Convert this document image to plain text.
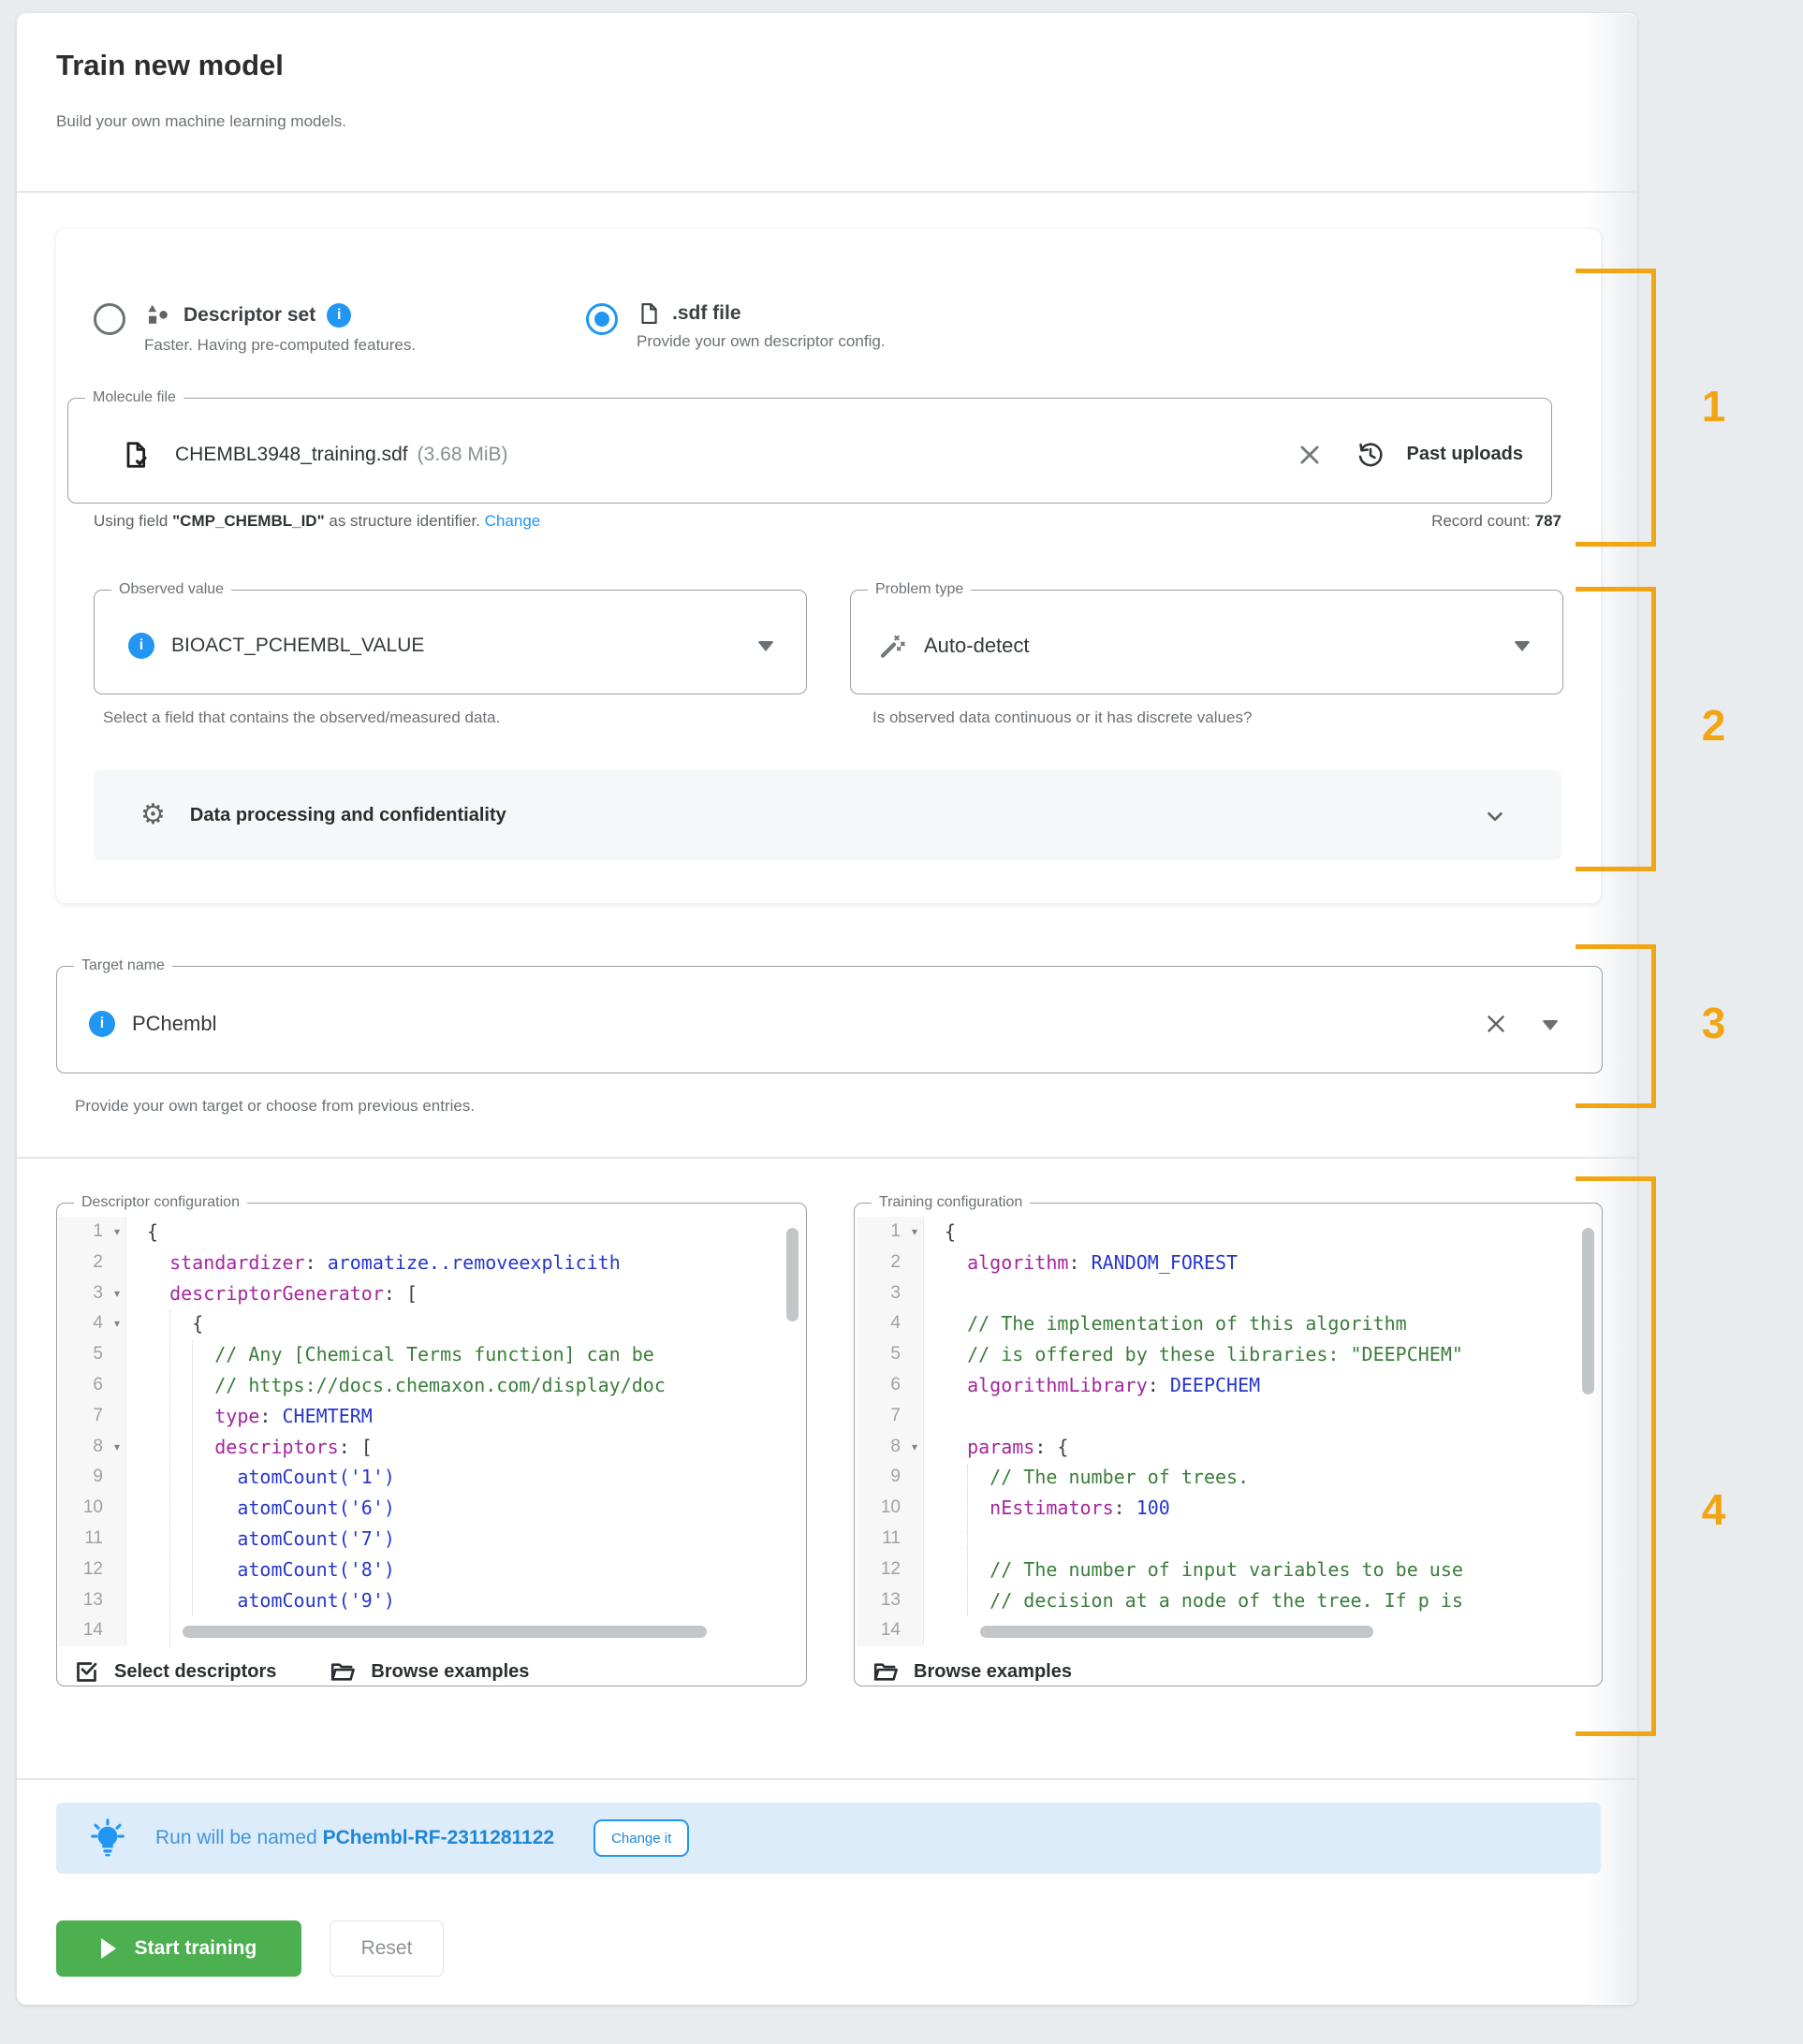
Train new model
Build your own machine learning models.
Descriptor set	i
Faster. Having pre-computed features.
.sdf file
Provide your own descriptor config.
Molecule file
CHEMBL3948_training.sdf (3.68 MiB)	Past uploads
Using field "CMP_CHEMBL_ID" as structure identifier. Change	Record count: 787
Observed value
i	BIOACT_PCHEMBL_VALUE
Problem type
Auto-detect
Select a field that contains the observed/measured data.	Is observed data continuous or it has discrete values?
⚙ Data processing and confidentiality
Target name
i	PChembl
Provide your own target or choose from previous entries.
Descriptor configuration
1 ▾	{
2	standardizer: aromatize..removeexplicith
3 ▾	descriptorGenerator: [
4 ▾	{
5	// Any [Chemical Terms function] can be
6	// https://docs.chemaxon.com/display/doc
7	type: CHEMTERM
8 ▾	descriptors: [
9	atomCount('1')
10	atomCount('6')
11	atomCount('7')
12	atomCount('8')
13	atomCount('9')
14
Select descriptors	Browse examples
Training configuration
1 ▾	{
2	algorithm: RANDOM_FOREST
3
4	// The implementation of this algorithm
5	// is offered by these libraries: "DEEPCHEM"
6	algorithmLibrary: DEEPCHEM
7
8 ▾	params: {
9	// The number of trees.
10	nEstimators: 100
11
12	// The number of input variables to be use
13	// decision at a node of the tree. If p is
14
Browse examples
Run will be named PChembl-RF-2311281122	Change it
Start training	Reset
1
2
3
4
